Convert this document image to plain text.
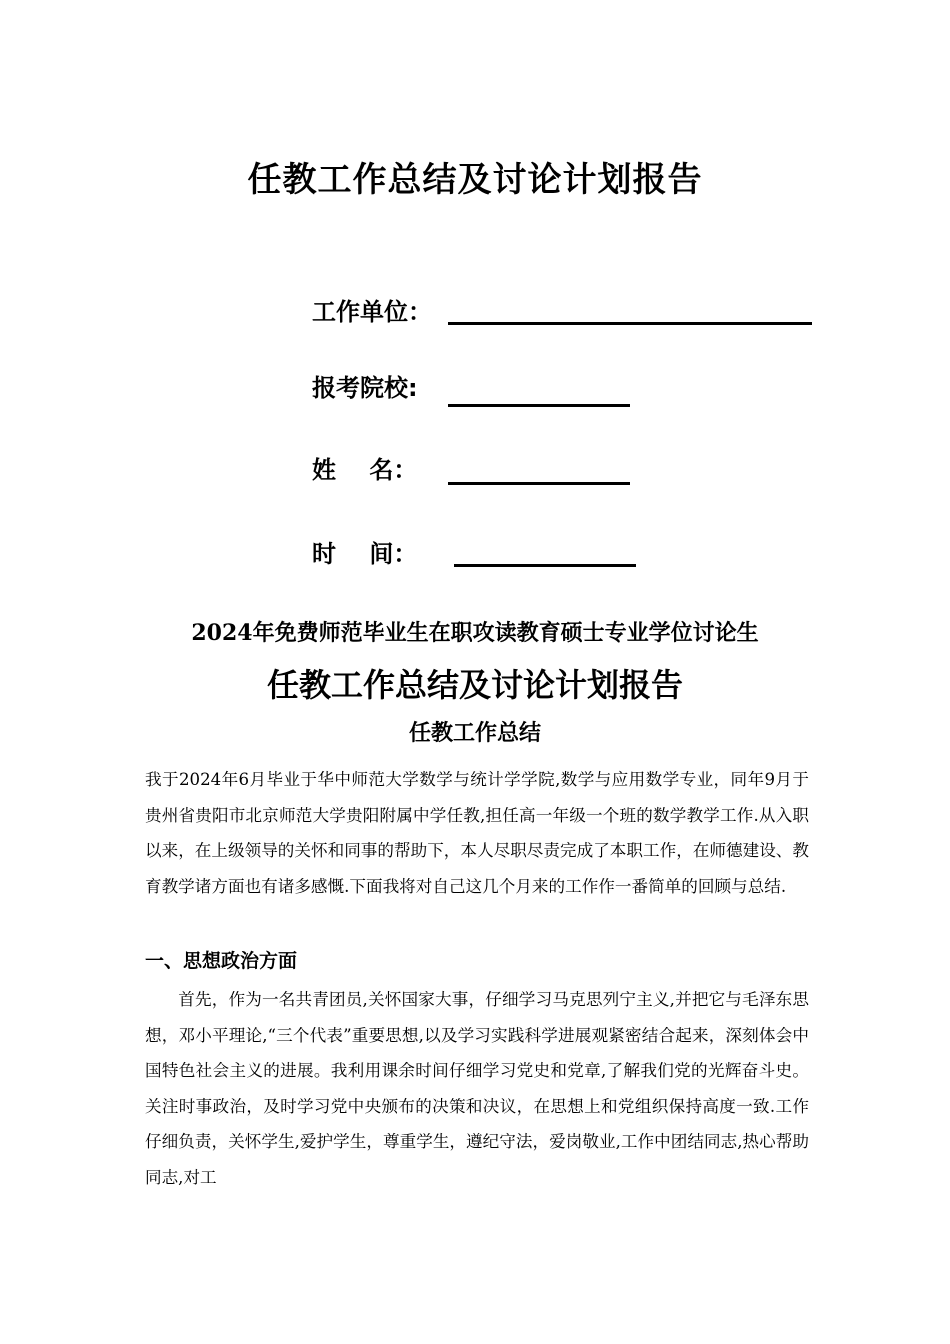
任教工作总结及讨论计划报告
工作单位：
报考院校:
姓    名：
时    间：

2024年免费师范毕业生在职攻读教育硕士专业学位讨论生

任教工作总结及讨论计划报告
任教工作总结

我于2024年6月毕业于华中师范大学数学与统计学学院,数学与应用数学专业，同年9月于贵州省贵阳市北京师范大学贵阳附属中学任教,担任高一年级一个班的数学教学工作.从入职以来，在上级领导的关怀和同事的帮助下，本人尽职尽责完成了本职工作，在师德建设、教育教学诸方面也有诸多感慨.下面我将对自己这几个月来的工作作一番简单的回顾与总结.

一、思想政治方面

首先，作为一名共青团员,关怀国家大事，仔细学习马克思列宁主义,并把它与毛泽东思想，邓小平理论,“三个代表”重要思想,以及学习实践科学进展观紧密结合起来，深刻体会中国特色社会主义的进展。我利用课余时间仔细学习党史和党章,了解我们党的光辉奋斗史。关注时事政治，及时学习党中央颁布的决策和决议，在思想上和党组织保持高度一致.工作仔细负责，关怀学生,爱护学生，尊重学生，遵纪守法，爱岗敬业,工作中团结同志,热心帮助同志,对工
